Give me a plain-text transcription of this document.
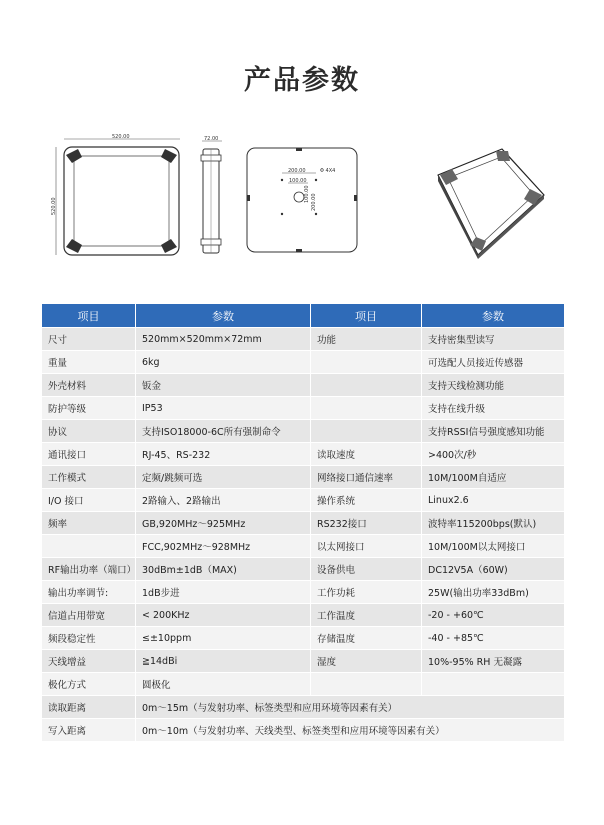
产品参数
520.00
520.00
72.00
200.00	Φ 4X4
100.00
100.00 200.00
项目	参数	项目	参数
尺寸	520mm×520mm×72mm	功能	支持密集型读写
重量	6kg		可选配人员接近传感器
外壳材料	钣金		支持天线检测功能
防护等级	IP53		支持在线升级
协议	支持ISO18000-6C所有强制命令		支持RSSI信号强度感知功能
通讯接口	RJ-45、RS-232	读取速度	>400次/秒
工作模式	定频/跳频可选	网络接口通信速率	10M/100M自适应
I/O 接口	2路输入、2路输出	操作系统	Linux2.6
频率	GB,920MHz～925MHz	RS232接口	波特率115200bps(默认)
	FCC,902MHz～928MHz	以太网接口	10M/100M以太网接口
RF输出功率（端口）	30dBm±1dB（MAX)	设备供电	DC12V5A（60W)
输出功率调节:	1dB步进	工作功耗	25W(输出功率33dBm)
信道占用带宽	< 200KHz	工作温度	-20 - +60℃
频段稳定性	≤±10ppm	存储温度	-40 - +85℃
天线增益	≧14dBi	湿度	10%-95% RH 无凝露
极化方式	圆极化		
读取距离	0m～15m（与发射功率、标签类型和应用环境等因素有关）		
写入距离	0m～10m（与发射功率、天线类型、标签类型和应用环境等因素有关）		
